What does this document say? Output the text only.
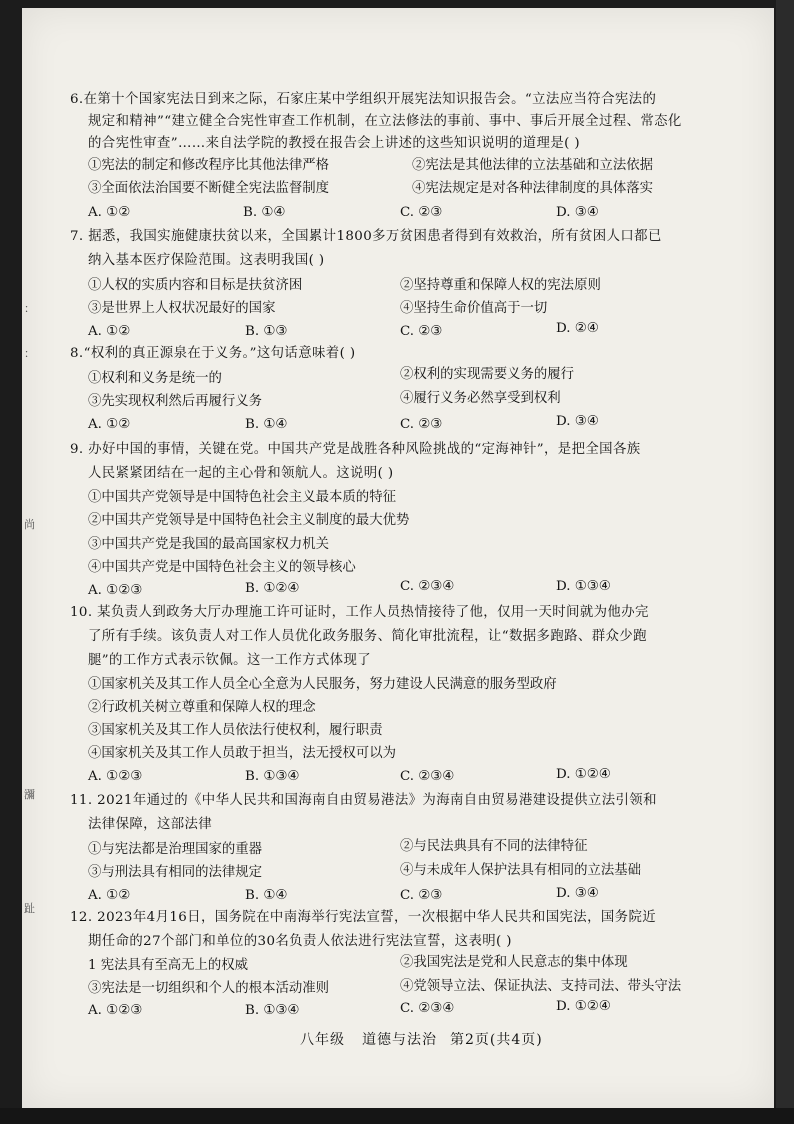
：
：
尚
瀰
趾
6.在第十个国家宪法日到来之际，石家庄某中学组织开展宪法知识报告会。“立法应当符合宪法的
规定和精神”“建立健全合宪性审查工作机制，在立法修法的事前、事中、事后开展全过程、常态化
的合宪性审查”……来自法学院的教授在报告会上讲述的这些知识说明的道理是( )
①宪法的制定和修改程序比其他法律严格	②宪法是其他法律的立法基础和立法依据
③全面依法治国要不断健全宪法监督制度	④宪法规定是对各种法律制度的具体落实
A. ①②	B. ①④	C. ②③	D. ③④
7. 据悉，我国实施健康扶贫以来，全国累计1800多万贫困患者得到有效救治，所有贫困人口都已
纳入基本医疗保险范围。这表明我国( )
①人权的实质内容和目标是扶贫济困	②坚持尊重和保障人权的宪法原则
③是世界上人权状况最好的国家	④坚持生命价值高于一切
A. ①②	B. ①③	C. ②③	D. ②④
8.“权利的真正源泉在于义务。”这句话意味着( )
①权利和义务是统一的	②权利的实现需要义务的履行
③先实现权利然后再履行义务	④履行义务必然享受到权利
A. ①②	B. ①④	C. ②③	D. ③④
9. 办好中国的事情，关键在党。中国共产党是战胜各种风险挑战的“定海神针”，是把全国各族
人民紧紧团结在一起的主心骨和领航人。这说明( )
①中国共产党领导是中国特色社会主义最本质的特征
②中国共产党领导是中国特色社会主义制度的最大优势
③中国共产党是我国的最高国家权力机关
④中国共产党是中国特色社会主义的领导核心
A. ①②③	B. ①②④	C. ②③④	D. ①③④
10. 某负责人到政务大厅办理施工许可证时，工作人员热情接待了他，仅用一天时间就为他办完
了所有手续。该负责人对工作人员优化政务服务、简化审批流程，让“数据多跑路、群众少跑
腿”的工作方式表示钦佩。这一工作方式体现了
①国家机关及其工作人员全心全意为人民服务，努力建设人民满意的服务型政府
②行政机关树立尊重和保障人权的理念
③国家机关及其工作人员依法行使权利，履行职责
④国家机关及其工作人员敢于担当，法无授权可以为
A. ①②③	B. ①③④	C. ②③④	D. ①②④
11. 2021年通过的《中华人民共和国海南自由贸易港法》为海南自由贸易港建设提供立法引领和
法律保障，这部法律
①与宪法都是治理国家的重器	②与民法典具有不同的法律特征
③与刑法具有相同的法律规定	④与未成年人保护法具有相同的立法基础
A. ①②	B. ①④	C. ②③	D. ③④
12. 2023年4月16日，国务院在中南海举行宪法宣誓，一次根据中华人民共和国宪法，国务院近
期任命的27个部门和单位的30名负责人依法进行宪法宣誓，这表明( )
1 宪法具有至高无上的权威	②我国宪法是党和人民意志的集中体现
③宪法是一切组织和个人的根本活动准则	④党领导立法、保证执法、支持司法、带头守法
A. ①②③	B. ①③④	C. ②③④	D. ①②④
八年级 道德与法治 第2页(共4页)
